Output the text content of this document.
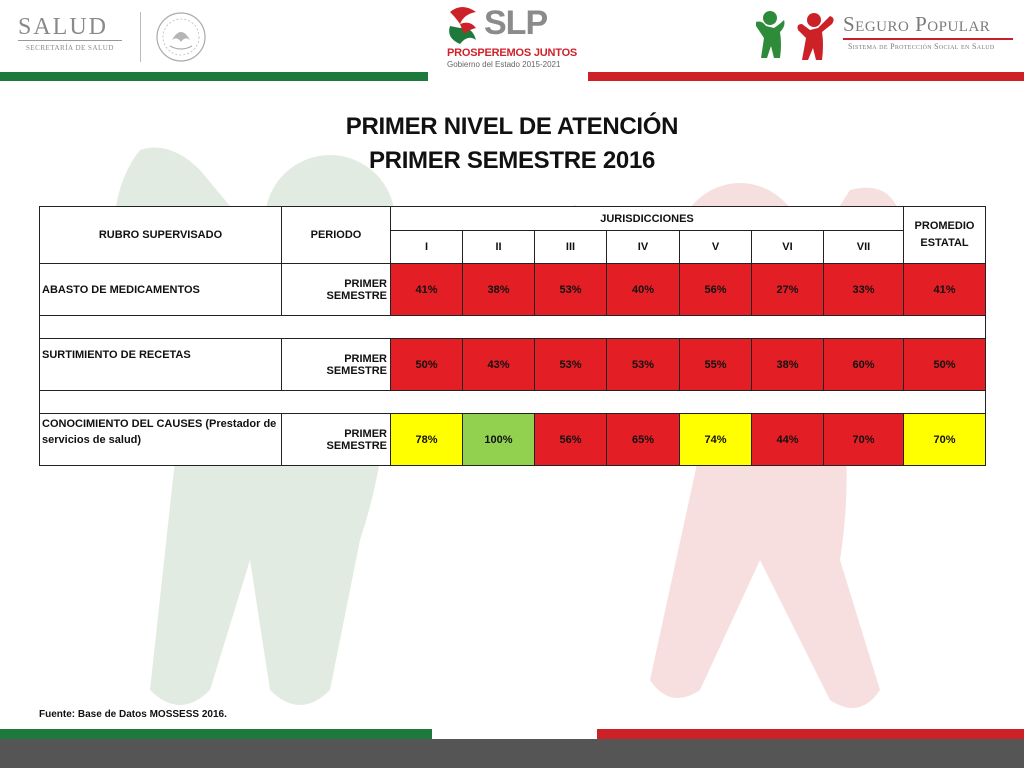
SALUD
SECRETARÍA DE SALUD
SLP
PROSPEREMOS JUNTOS
Gobierno del Estado 2015-2021
Seguro Popular
Sistema de Protección Social en Salud
PRIMER NIVEL DE ATENCIÓN
PRIMER SEMESTRE 2016
RUBRO SUPERVISADO	PERIODO	JURISDICCIONES							PROMEDIO ESTATAL
		I	II	III	IV	V	VI	VII	
ABASTO DE MEDICAMENTOS	PRIMER SEMESTRE	41%	38%	53%	40%	56%	27%	33%	41%

SURTIMIENTO DE RECETAS	PRIMER SEMESTRE	50%	43%	53%	53%	55%	38%	60%	50%

CONOCIMIENTO DEL CAUSES (Prestador de servicios de salud)	PRIMER SEMESTRE	78%	100%	56%	65%	74%	44%	70%	70%
Fuente: Base de Datos MOSSESS 2016.
